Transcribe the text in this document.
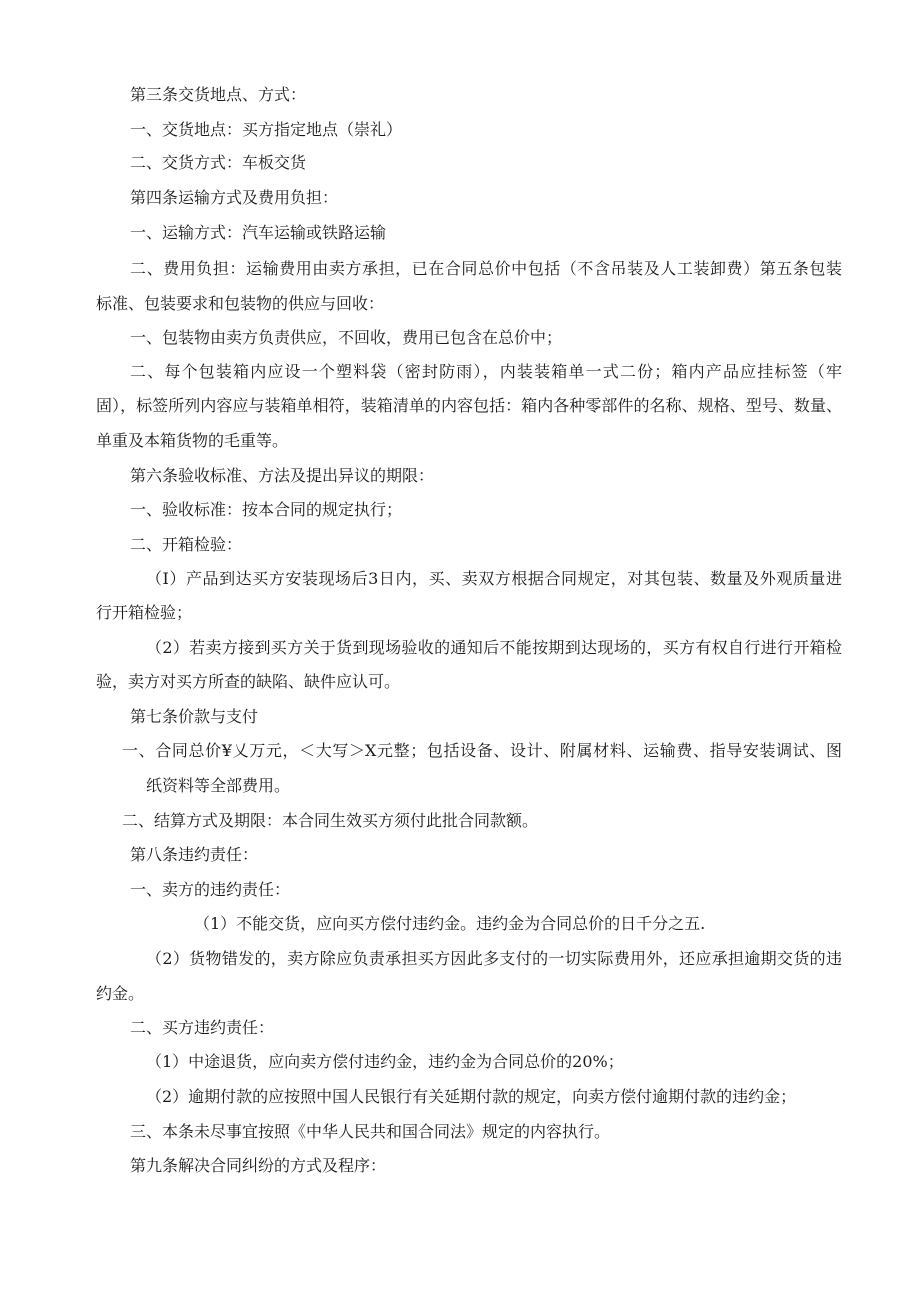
第三条交货地点、方式：

一、交货地点：买方指定地点（崇礼）

二、交货方式：车板交货

第四条运输方式及费用负担：

一、运输方式：汽车运输或铁路运输

二、费用负担：运输费用由卖方承担，已在合同总价中包括（不含吊装及人工装卸费）第五条包装

标准、包装要求和包装物的供应与回收：

一、包装物由卖方负责供应，不回收，费用已包含在总价中；

二、每个包装箱内应设一个塑料袋（密封防雨），内装装箱单一式二份；箱内产品应挂标签（牢

固），标签所列内容应与装箱单相符，装箱清单的内容包括：箱内各种零部件的名称、规格、型号、数量、

单重及本箱货物的毛重等。

第六条验收标准、方法及提出异议的期限：

一、验收标准：按本合同的规定执行；

二、开箱检验：

（I）产品到达买方安装现场后3日内，买、卖双方根据合同规定，对其包装、数量及外观质量进

行开箱检验；

（2）若卖方接到买方关于货到现场验收的通知后不能按期到达现场的，买方有权自行进行开箱检

验，卖方对买方所查的缺陷、缺件应认可。

第七条价款与支付

一、合同总价¥乂万元，＜大写＞X元整；包括设备、设计、附属材料、运输费、指导安装调试、图

纸资料等全部费用。

二、结算方式及期限：本合同生效买方须付此批合同款额。

第八条违约责任：

一、卖方的违约责任：

（1）不能交货，应向买方偿付违约金。违约金为合同总价的日千分之五.

（2）货物错发的，卖方除应负责承担买方因此多支付的一切实际费用外，还应承担逾期交货的违

约金。

二、买方违约责任：

（1）中途退货，应向卖方偿付违约金，违约金为合同总价的20%；

（2）逾期付款的应按照中国人民银行有关延期付款的规定，向卖方偿付逾期付款的违约金；

三、本条未尽事宜按照《中华人民共和国合同法》规定的内容执行。

第九条解决合同纠纷的方式及程序：
